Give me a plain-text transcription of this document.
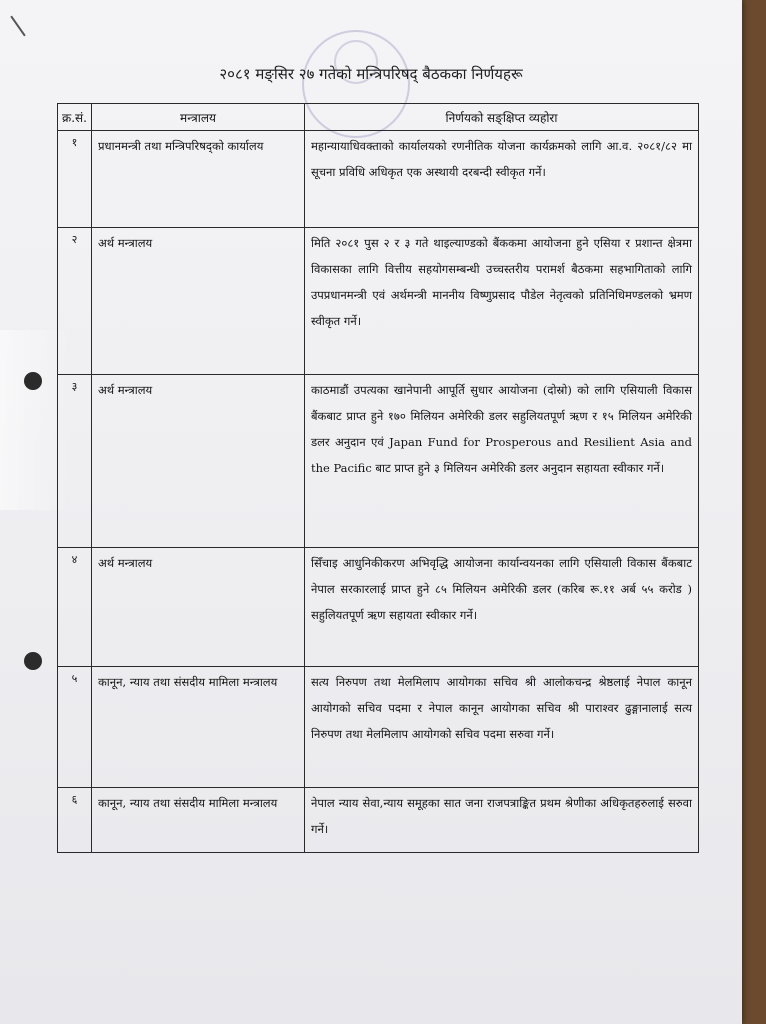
२०८१ मङ्सिर २७ गतेको मन्त्रिपरिषद् बैठकका निर्णयहरू
क्र.सं.	मन्त्रालय	निर्णयको सङ्क्षिप्त व्यहोरा
१	प्रधानमन्त्री तथा मन्त्रिपरिषद्को कार्यालय	महान्यायाधिवक्ताको कार्यालयको रणनीतिक योजना कार्यक्रमको लागि आ.व. २०८१/८२ मा सूचना प्रविधि अधिकृत एक अस्थायी दरबन्दी स्वीकृत गर्ने।
२	अर्थ मन्त्रालय	मिति २०८१ पुस २ र ३ गते थाइल्याण्डको बैंककमा आयोजना हुने एसिया र प्रशान्त क्षेत्रमा विकासका लागि वित्तीय सहयोगसम्बन्धी उच्चस्तरीय परामर्श बैठकमा सहभागिताको लागि उपप्रधानमन्त्री एवं अर्थमन्त्री माननीय विष्णुप्रसाद पौडेल नेतृत्वको प्रतिनिधिमण्डलको भ्रमण स्वीकृत गर्ने।
३	अर्थ मन्त्रालय	काठमाडौं उपत्यका खानेपानी आपूर्ति सुधार आयोजना (दोस्रो) को लागि एसियाली विकास बैंकबाट प्राप्त हुने १७० मिलियन अमेरिकी डलर सहुलियतपूर्ण ऋण र १५ मिलियन अमेरिकी डलर अनुदान एवं Japan Fund for Prosperous and Resilient Asia and the Pacific बाट प्राप्त हुने ३ मिलियन अमेरिकी डलर अनुदान सहायता स्वीकार गर्ने।
४	अर्थ मन्त्रालय	सिँचाइ आधुनिकीकरण अभिवृद्धि आयोजना कार्यान्वयनका लागि एसियाली विकास बैंकबाट नेपाल सरकारलाई प्राप्त हुने ८५ मिलियन अमेरिकी डलर (करिब रू.११ अर्ब ५५ करोड ) सहुलियतपूर्ण ऋण सहायता स्वीकार गर्ने।
५	कानून, न्याय तथा संसदीय मामिला मन्त्रालय	सत्य निरुपण तथा मेलमिलाप आयोगका सचिव श्री आलोकचन्द्र श्रेष्ठलाई नेपाल कानून आयोगको सचिव पदमा र नेपाल कानून आयोगका सचिव श्री पाराश्वर ढुङ्गानालाई सत्य निरुपण तथा मेलमिलाप आयोगको सचिव पदमा सरुवा गर्ने।
६	कानून, न्याय तथा संसदीय मामिला मन्त्रालय	नेपाल न्याय सेवा,न्याय समूहका सात जना राजपत्राङ्कित प्रथम श्रेणीका अधिकृतहरुलाई सरुवा गर्ने।
